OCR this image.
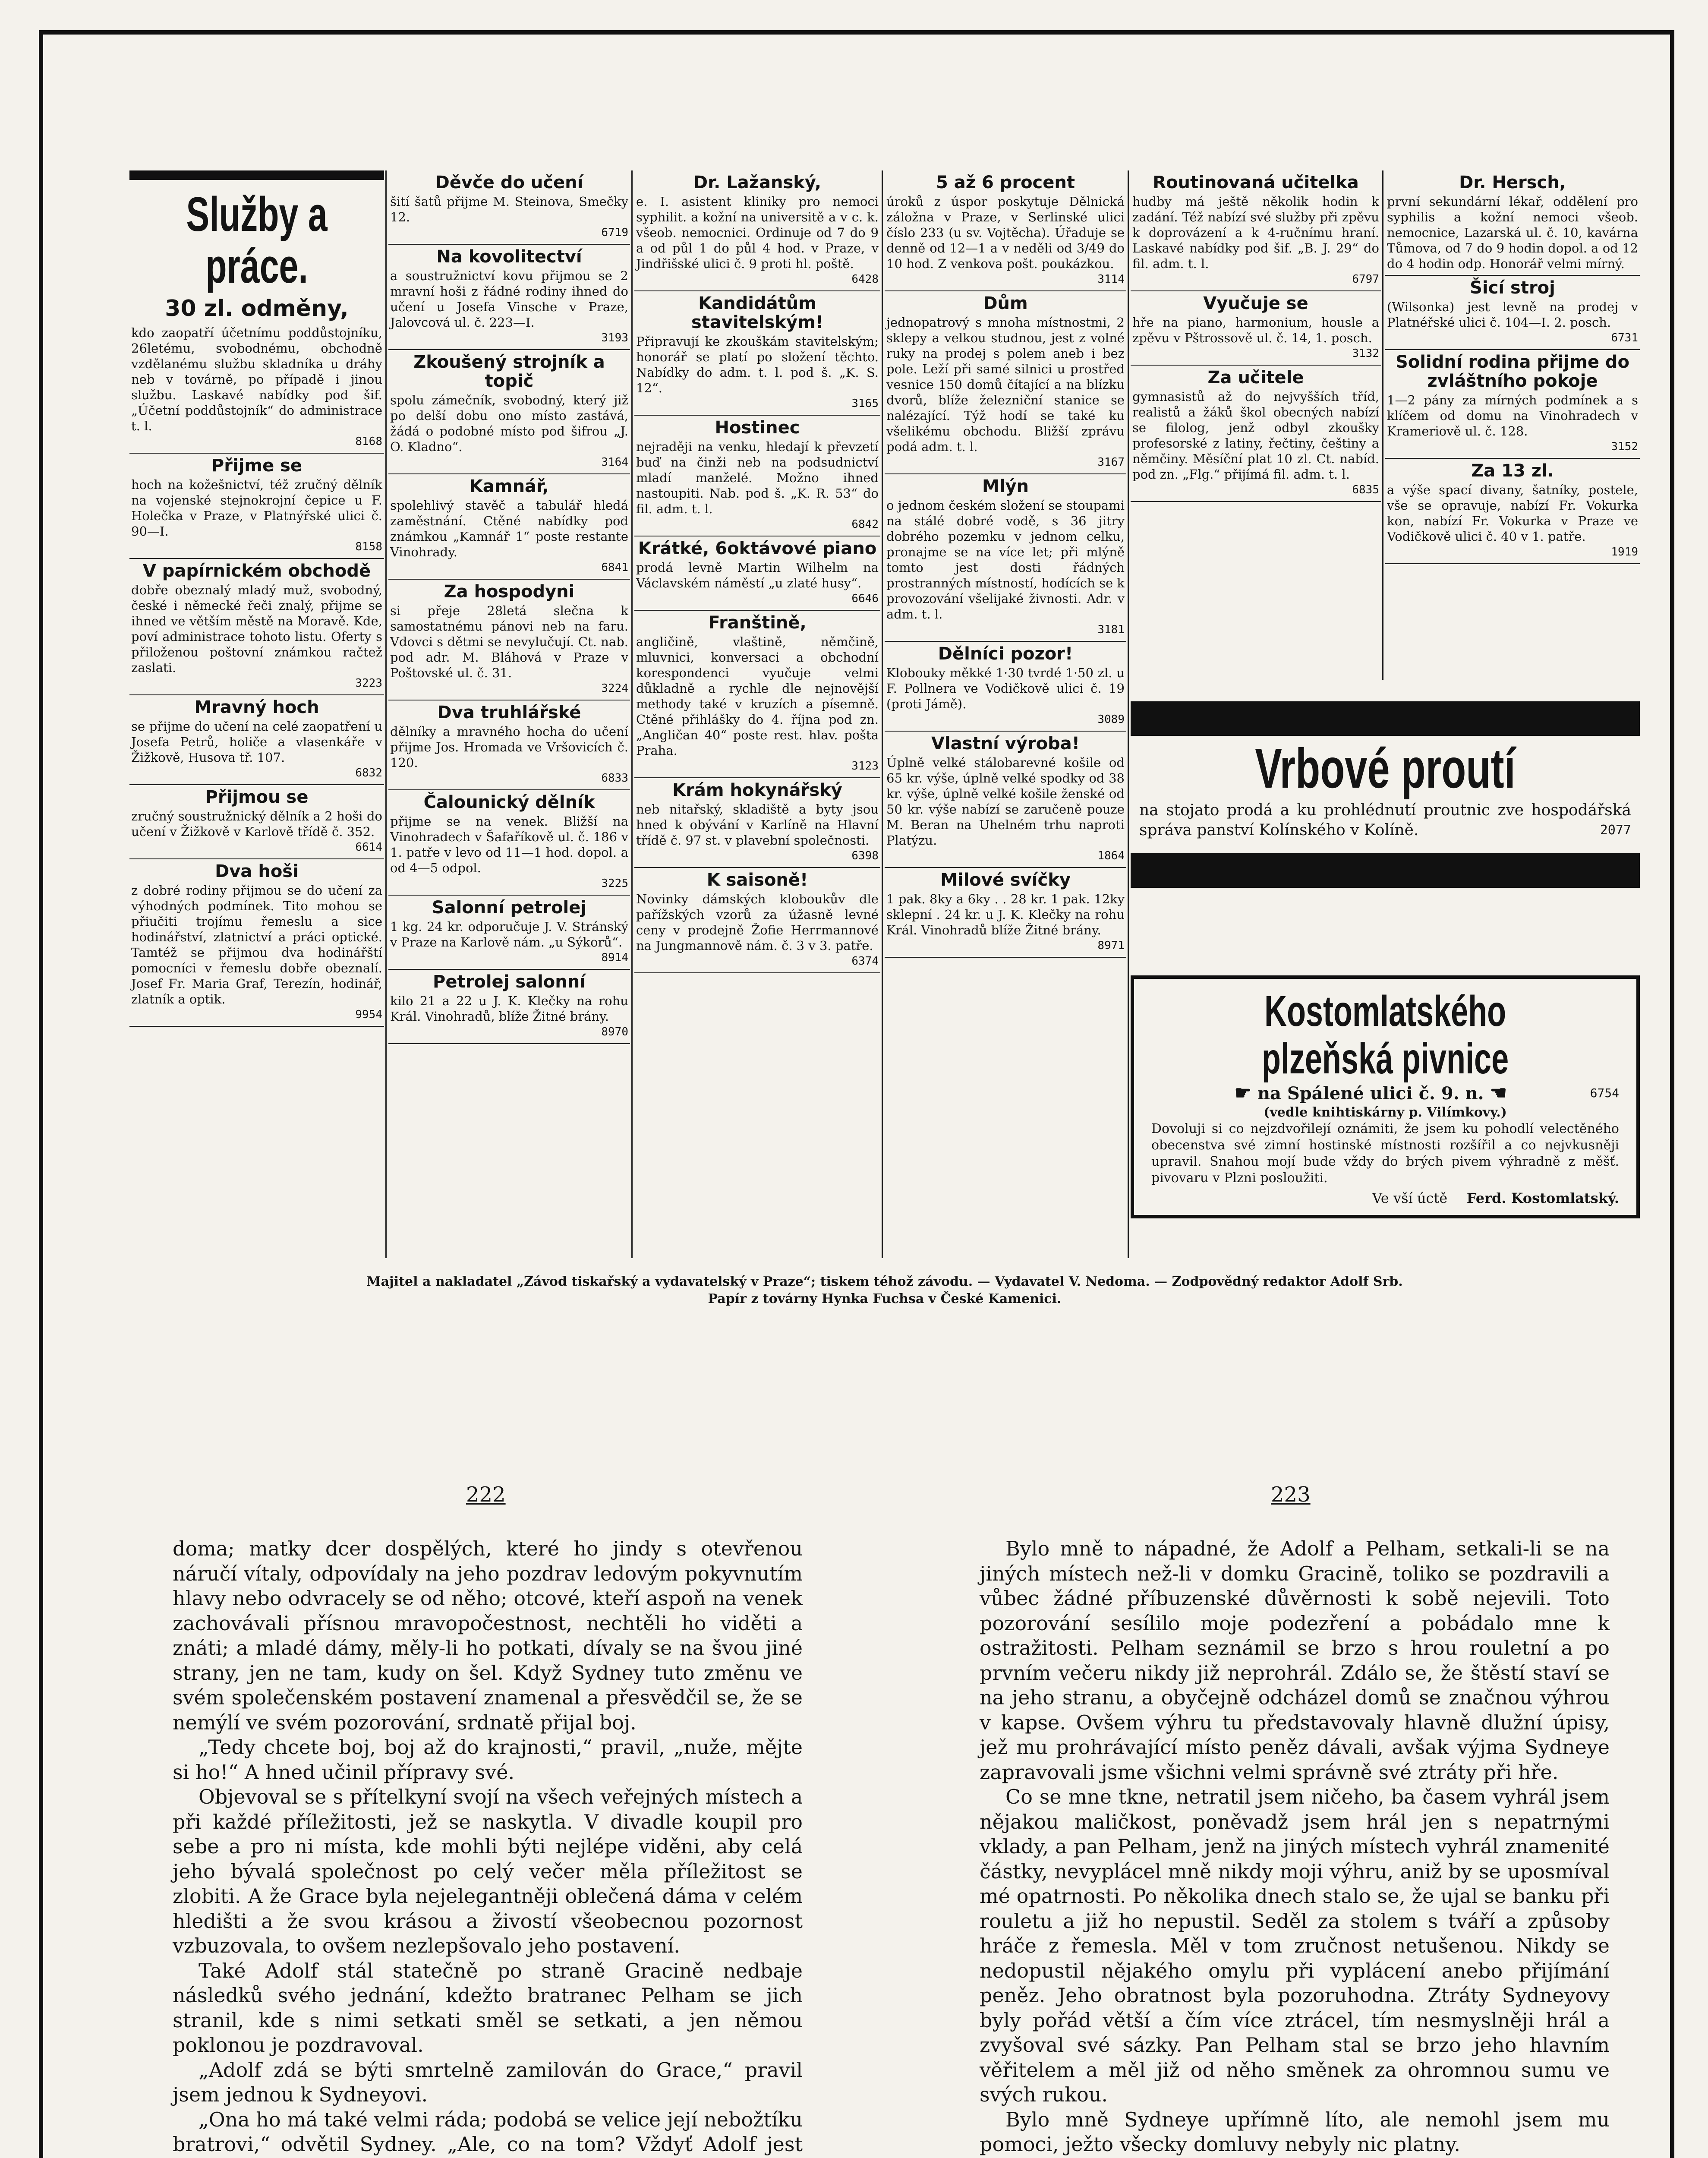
Služby a práce.
30 zl. odměny,

kdo zaopatří účetnímu poddůstojníku, 26letému, svobodnému, obchodně vzdělanému službu skladníka u dráhy neb v továrně, po případě i jinou službu. Laskavé nabídky pod šif. „Účetní poddůstojník“ do administrace t. l.

8168
Přijme se

hoch na kožešnictví, též zručný dělník na vojenské stejnokrojní čepice u F. Holečka v Praze, v Platnýřské ulici č. 90—I.

8158
V papírnickém obchodě

dobře obeznalý mladý muž, svobodný, české i německé řeči znalý, přijme se ihned ve větším městě na Moravě. Kde, poví administrace tohoto listu. Oferty s přiloženou poštovní známkou račtež zaslati.

3223
Mravný hoch

se přijme do učení na celé zaopatření u Josefa Petrů, holiče a vlasenkáře v Žižkově, Husova tř. 107.

6832
Přijmou se

zručný soustružnický dělník a 2 hoši do učení v Žižkově v Karlově třídě č. 352.

6614
Dva hoši

z dobré rodiny přijmou se do učení za výhodných podmínek. Tito mohou se přiučiti trojímu řemeslu a sice hodinářství, zlatnictví a práci optické. Tamtéž se přijmou dva hodinářští pomocníci v řemeslu dobře obeznalí. Josef Fr. Maria Graf, Terezín, hodinář, zlatník a optik.

9954
Děvče do učení

šití šatů přijme M. Steinova, Smečky 12.

6719
Na kovolitectví

a soustružnictví kovu přijmou se 2 mravní hoši z řádné rodiny ihned do učení u Josefa Vinsche v Praze, Jalovcová ul. č. 223—I.

3193
Zkoušený strojník a topič

spolu zámečník, svobodný, který již po delší dobu ono místo zastává, žádá o podobné místo pod šifrou „J. O. Kladno“.

3164
Kamnář,

spolehlivý stavěč a tabulář hledá zaměstnání. Ctěné nabídky pod známkou „Kamnář 1“ poste restante Vinohrady.

6841
Za hospodyni

si přeje 28letá slečna k samostatnému pánovi neb na faru. Vdovci s dětmi se nevylučují. Ct. nab. pod adr. M. Bláhová v Praze v Poštovské ul. č. 31.

3224
Dva truhlářské

dělníky a mravného hocha do učení přijme Jos. Hromada ve Vršovicích č. 120.

6833
Čalounický dělník

přijme se na venek. Bližší na Vinohradech v Šafaříkově ul. č. 186 v 1. patře v levo od 11—1 hod. dopol. a od 4—5 odpol.

3225
Salonní petrolej

1 kg. 24 kr. odporučuje J. V. Stránský v Praze na Karlově nám. „u Sýkorů“.

8914
Petrolej salonní

kilo 21 a 22 u J. K. Klečky na rohu Král. Vinohradů, blíže Žitné brány.

8970
Dr. Lažanský,

e. I. asistent kliniky pro nemoci syphilit. a kožní na universitě a v c. k. všeob. nemocnici. Ordinuje od 7 do 9 a od půl 1 do půl 4 hod. v Praze, v Jindřišské ulici č. 9 proti hl. poště.

6428
Kandidátům stavitelským!

Připravují ke zkouškám stavitelským; honorář se platí po složení těchto. Nabídky do adm. t. l. pod š. „K. S. 12“.

3165
Hostinec

nejraději na venku, hledají k převzetí buď na činži neb na podsudnictví mladí manželé. Možno ihned nastoupiti. Nab. pod š. „K. R. 53“ do fil. adm. t. l.

6842
Krátké, 6oktávové piano

prodá levně Martin Wilhelm na Václavském náměstí „u zlaté husy“.

6646
Franštině,

angličině, vlaštině, němčině, mluvnici, konversaci a obchodní korespondenci vyučuje velmi důkladně a rychle dle nejnovější methody také v kruzích a písemně. Ctěné přihlášky do 4. října pod zn. „Angličan 40“ poste rest. hlav. pošta Praha.

3123
Krám hokynářský

neb nitařský, skladiště a byty jsou hned k obývání v Karlíně na Hlavní třídě č. 97 st. v plavební společnosti.

6398
K saisoně!

Novinky dámských kloboukův dle pařížských vzorů za úžasně levné ceny v prodejně Žofie Herrmannové na Jungmannově nám. č. 3 v 3. patře.

6374
5 až 6 procent

úroků z úspor poskytuje Dělnická záložna v Praze, v Serlinské ulici číslo 233 (u sv. Vojtěcha). Úřaduje se denně od 12—1 a v neděli od 3/49 do 10 hod. Z venkova pošt. poukázkou.

3114
Dům

jednopatrový s mnoha místnostmi, 2 sklepy a velkou studnou, jest z volné ruky na prodej s polem aneb i bez pole. Leží při samé silnici u prostřed vesnice 150 domů čítající a na blízku dvorů, blíže železniční stanice se nalézající. Týž hodí se také ku všelikému obchodu. Bližší zprávu podá adm. t. l.

3167
Mlýn

o jednom českém složení se stoupami na stálé dobré vodě, s 36 jitry dobrého pozemku v jednom celku, pronajme se na více let; při mlýně tomto jest dosti řádných prostranných místností, hodících se k provozování všelijaké živnosti. Adr. v adm. t. l.

3181
Dělníci pozor!

Klobouky měkké 1·30 tvrdé 1·50 zl. u F. Pollnera ve Vodičkově ulici č. 19 (proti Jámě).

3089
Vlastní výroba!

Úplně velké stálobarevné košile od 65 kr. výše, úplně velké spodky od 38 kr. výše, úplně velké košile ženské od 50 kr. výše nabízí se zaručeně pouze M. Beran na Uhelném trhu naproti Platýzu.

1864
Milové svíčky

1 pak. 8ky a 6ky . . 28 kr. 1 pak. 12ky sklepní . 24 kr. u J. K. Klečky na rohu Král. Vinohradů blíže Žitné brány.

8971
Routinovaná učitelka

hudby má ještě několik hodin k zadání. Též nabízí své služby při zpěvu k doprovázení a k 4-ručnímu hraní. Laskavé nabídky pod šif. „B. J. 29“ do fil. adm. t. l.

6797
Vyučuje se

hře na piano, harmonium, housle a zpěvu v Pštrossově ul. č. 14, 1. posch.

3132
Za učitele

gymnasistů až do nejvyšších tříd, realistů a žáků škol obecných nabízí se filolog, jenž odbyl zkoušky profesorské z latiny, řečtiny, češtiny a němčiny. Měsíční plat 10 zl. Ct. nabíd. pod zn. „Flg.“ přijímá fil. adm. t. l.

6835
Dr. Hersch,

první sekundární lékař, oddělení pro syphilis a kožní nemoci všeob. nemocnice, Lazarská ul. č. 10, kavárna Tůmova, od 7 do 9 hodin dopol. a od 12 do 4 hodin odp. Honorář velmi mírný.

Šicí stroj

(Wilsonka) jest levně na prodej v Platnéřské ulici č. 104—I. 2. posch.

6731
Solidní rodina přijme do zvláštního pokoje

1—2 pány za mírných podmínek a s klíčem od domu na Vinohradech v Krameriově ul. č. 128.

3152
Za 13 zl.

a výše spací divany, šatníky, postele, vše se opravuje, nabízí Fr. Vokurka kon, nabízí Fr. Vokurka v Praze ve Vodičkově ulici č. 40 v 1. patře.

1919
Vrbové proutí
na stojato prodá a ku prohlédnutí proutnic zve hospodářská správa panství Kolínského v Kolíně.	2077
Kostomlatského plzeňská pivnice
☛ na Spálené ulici č. 9. n. ☚	6754
(vedle knihtiskárny p. Vilímkovy.)
Dovoluji si co nejzdvořilejí oznámiti, že jsem ku pohodlí velectěného obecenstva své zimní hostinské místnosti rozšířil a co nejvkusněji upravil. Snahou mojí bude vždy do brých pivem výhradně z měšť. pivovaru v Plzni posloužiti.
Ve vší úctě Ferd. Kostomlatský.
Majitel a nakladatel „Závod tiskařský a vydavatelský v Praze“; tiskem téhož závodu. — Vydavatel V. Nedoma. — Zodpovědný redaktor Adolf Srb.
Papír z továrny Hynka Fuchsa v České Kamenici.
222	223

doma; matky dcer dospělých, které ho jindy s otevřenou náručí vítaly, odpovídaly na jeho pozdrav ledovým pokyvnutím hlavy nebo odvracely se od něho; otcové, kteří aspoň na venek zachovávali přísnou mravopočestnost, nechtěli ho viděti a znáti; a mladé dámy, měly-li ho potkati, dívaly se na švou jiné strany, jen ne tam, kudy on šel. Když Sydney tuto změnu ve svém společenském postavení znamenal a přesvědčil se, že se nemýlí ve svém pozorování, srdnatě přijal boj.

„Tedy chcete boj, boj až do krajnosti,“ pravil, „nuže, mějte si ho!“ A hned učinil přípravy své.

Objevoval se s přítelkyní svojí na všech veřejných místech a při každé příležitosti, jež se naskytla. V divadle koupil pro sebe a pro ni místa, kde mohli býti nejlépe viděni, aby celá jeho bývalá společnost po celý večer měla příležitost se zlobiti. A že Grace byla nejelegantněji oblečená dáma v celém hledišti a že svou krásou a živostí všeobecnou pozornost vzbuzovala, to ovšem nezlepšovalo jeho postavení.

Také Adolf stál statečně po straně Gracině nedbaje následků svého jednání, kdežto bratranec Pelham se jich stranil, kde s nimi setkati směl se setkati, a jen němou poklonou je pozdravoval.

„Adolf zdá se býti smrtelně zamilován do Grace,“ pravil jsem jednou k Sydneyovi.

„Ona ho má také velmi ráda; podobá se velice její nebožtíku bratrovi,“ odvětil Sydney. „Ale, co na tom? Vždyť Adolf jest

Bylo mně to nápadné, že Adolf a Pelham, setkali-li se na jiných místech než-li v domku Gracině, toliko se pozdravili a vůbec žádné příbuzenské důvěrnosti k sobě nejevili. Toto pozorování sesílilo moje podezření a pobádalo mne k ostražitosti. Pelham seznámil se brzo s hrou rouletní a po prvním večeru nikdy již neprohrál. Zdálo se, že štěstí staví se na jeho stranu, a obyčejně odcházel domů se značnou výhrou v kapse. Ovšem výhru tu představovaly hlavně dlužní úpisy, jež mu prohrávající místo peněz dávali, avšak výjma Sydneye zapravovali jsme všichni velmi správně své ztráty při hře.

Co se mne tkne, netratil jsem ničeho, ba časem vyhrál jsem nějakou maličkost, poněvadž jsem hrál jen s nepatrnými vklady, a pan Pelham, jenž na jiných místech vyhrál znamenité částky, nevyplácel mně nikdy moji výhru, aniž by se uposmíval mé opatrnosti. Po několika dnech stalo se, že ujal se banku při rouletu a již ho nepustil. Seděl za stolem s tváří a způsoby hráče z řemesla. Měl v tom zručnost netušenou. Nikdy se nedopustil nějakého omylu při vyplácení anebo přijímání peněz. Jeho obratnost byla pozoruhodna. Ztráty Sydneyovy byly pořád větší a čím více ztrácel, tím nesmyslněji hrál a zvyšoval své sázky. Pan Pelham stal se brzo jeho hlavním věřitelem a měl již od něho směnek za ohromnou sumu ve svých rukou.

Bylo mně Sydneye upřímně líto, ale nemohl jsem mu pomoci, ježto všecky domluvy nebyly nic platny.
